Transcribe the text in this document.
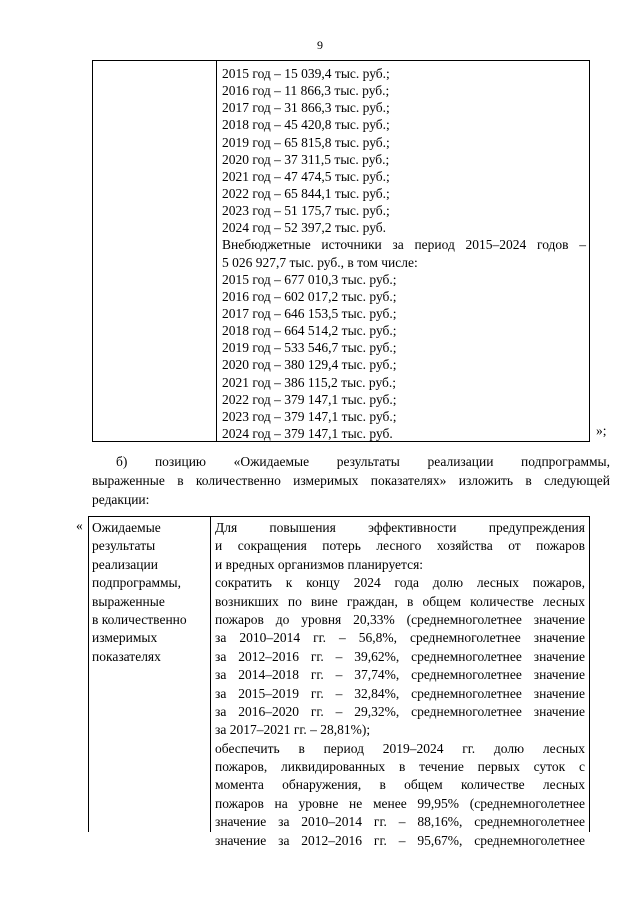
9
2015 год – 15 039,4 тыс. руб.;
2016 год – 11 866,3 тыс. руб.;
2017 год – 31 866,3 тыс. руб.;
2018 год – 45 420,8 тыс. руб.;
2019 год – 65 815,8 тыс. руб.;
2020 год – 37 311,5 тыс. руб.;
2021 год – 47 474,5 тыс. руб.;
2022 год – 65 844,1 тыс. руб.;
2023 год – 51 175,7 тыс. руб.;
2024 год – 52 397,2 тыс. руб.
Внебюджетные источники за период 2015–2024 годов –
5 026 927,7 тыс. руб., в том числе:
2015 год – 677 010,3 тыс. руб.;
2016 год – 602 017,2 тыс. руб.;
2017 год – 646 153,5 тыс. руб.;
2018 год – 664 514,2 тыс. руб.;
2019 год – 533 546,7 тыс. руб.;
2020 год – 380 129,4 тыс. руб.;
2021 год – 386 115,2 тыс. руб.;
2022 год – 379 147,1 тыс. руб.;
2023 год – 379 147,1 тыс. руб.;
2024 год – 379 147,1 тыс. руб.	»;
б) позицию «Ожидаемые результаты реализации подпрограммы,
выраженные в количественно измеримых показателях» изложить в следующей
редакции:
« Ожидаемые
результаты
реализации
подпрограммы,
выраженные
в количественно
измеримых
показателях
Для повышения эффективности предупреждения
и сокращения потерь лесного хозяйства от пожаров
и вредных организмов планируется:
сократить к концу 2024 года долю лесных пожаров,
возникших по вине граждан, в общем количестве лесных
пожаров до уровня 20,33% (среднемноголетнее значение
за 2010–2014 гг. – 56,8%, среднемноголетнее значение
за 2012–2016 гг. – 39,62%, среднемноголетнее значение
за 2014–2018 гг. – 37,74%, среднемноголетнее значение
за 2015–2019 гг. – 32,84%, среднемноголетнее значение
за 2016–2020 гг. – 29,32%, среднемноголетнее значение
за 2017–2021 гг. – 28,81%);
обеспечить в период 2019–2024 гг. долю лесных
пожаров, ликвидированных в течение первых суток с
момента обнаружения, в общем количестве лесных
пожаров на уровне не менее 99,95% (среднемноголетнее
значение за 2010–2014 гг. – 88,16%, среднемноголетнее
значение за 2012–2016 гг. – 95,67%, среднемноголетнее
